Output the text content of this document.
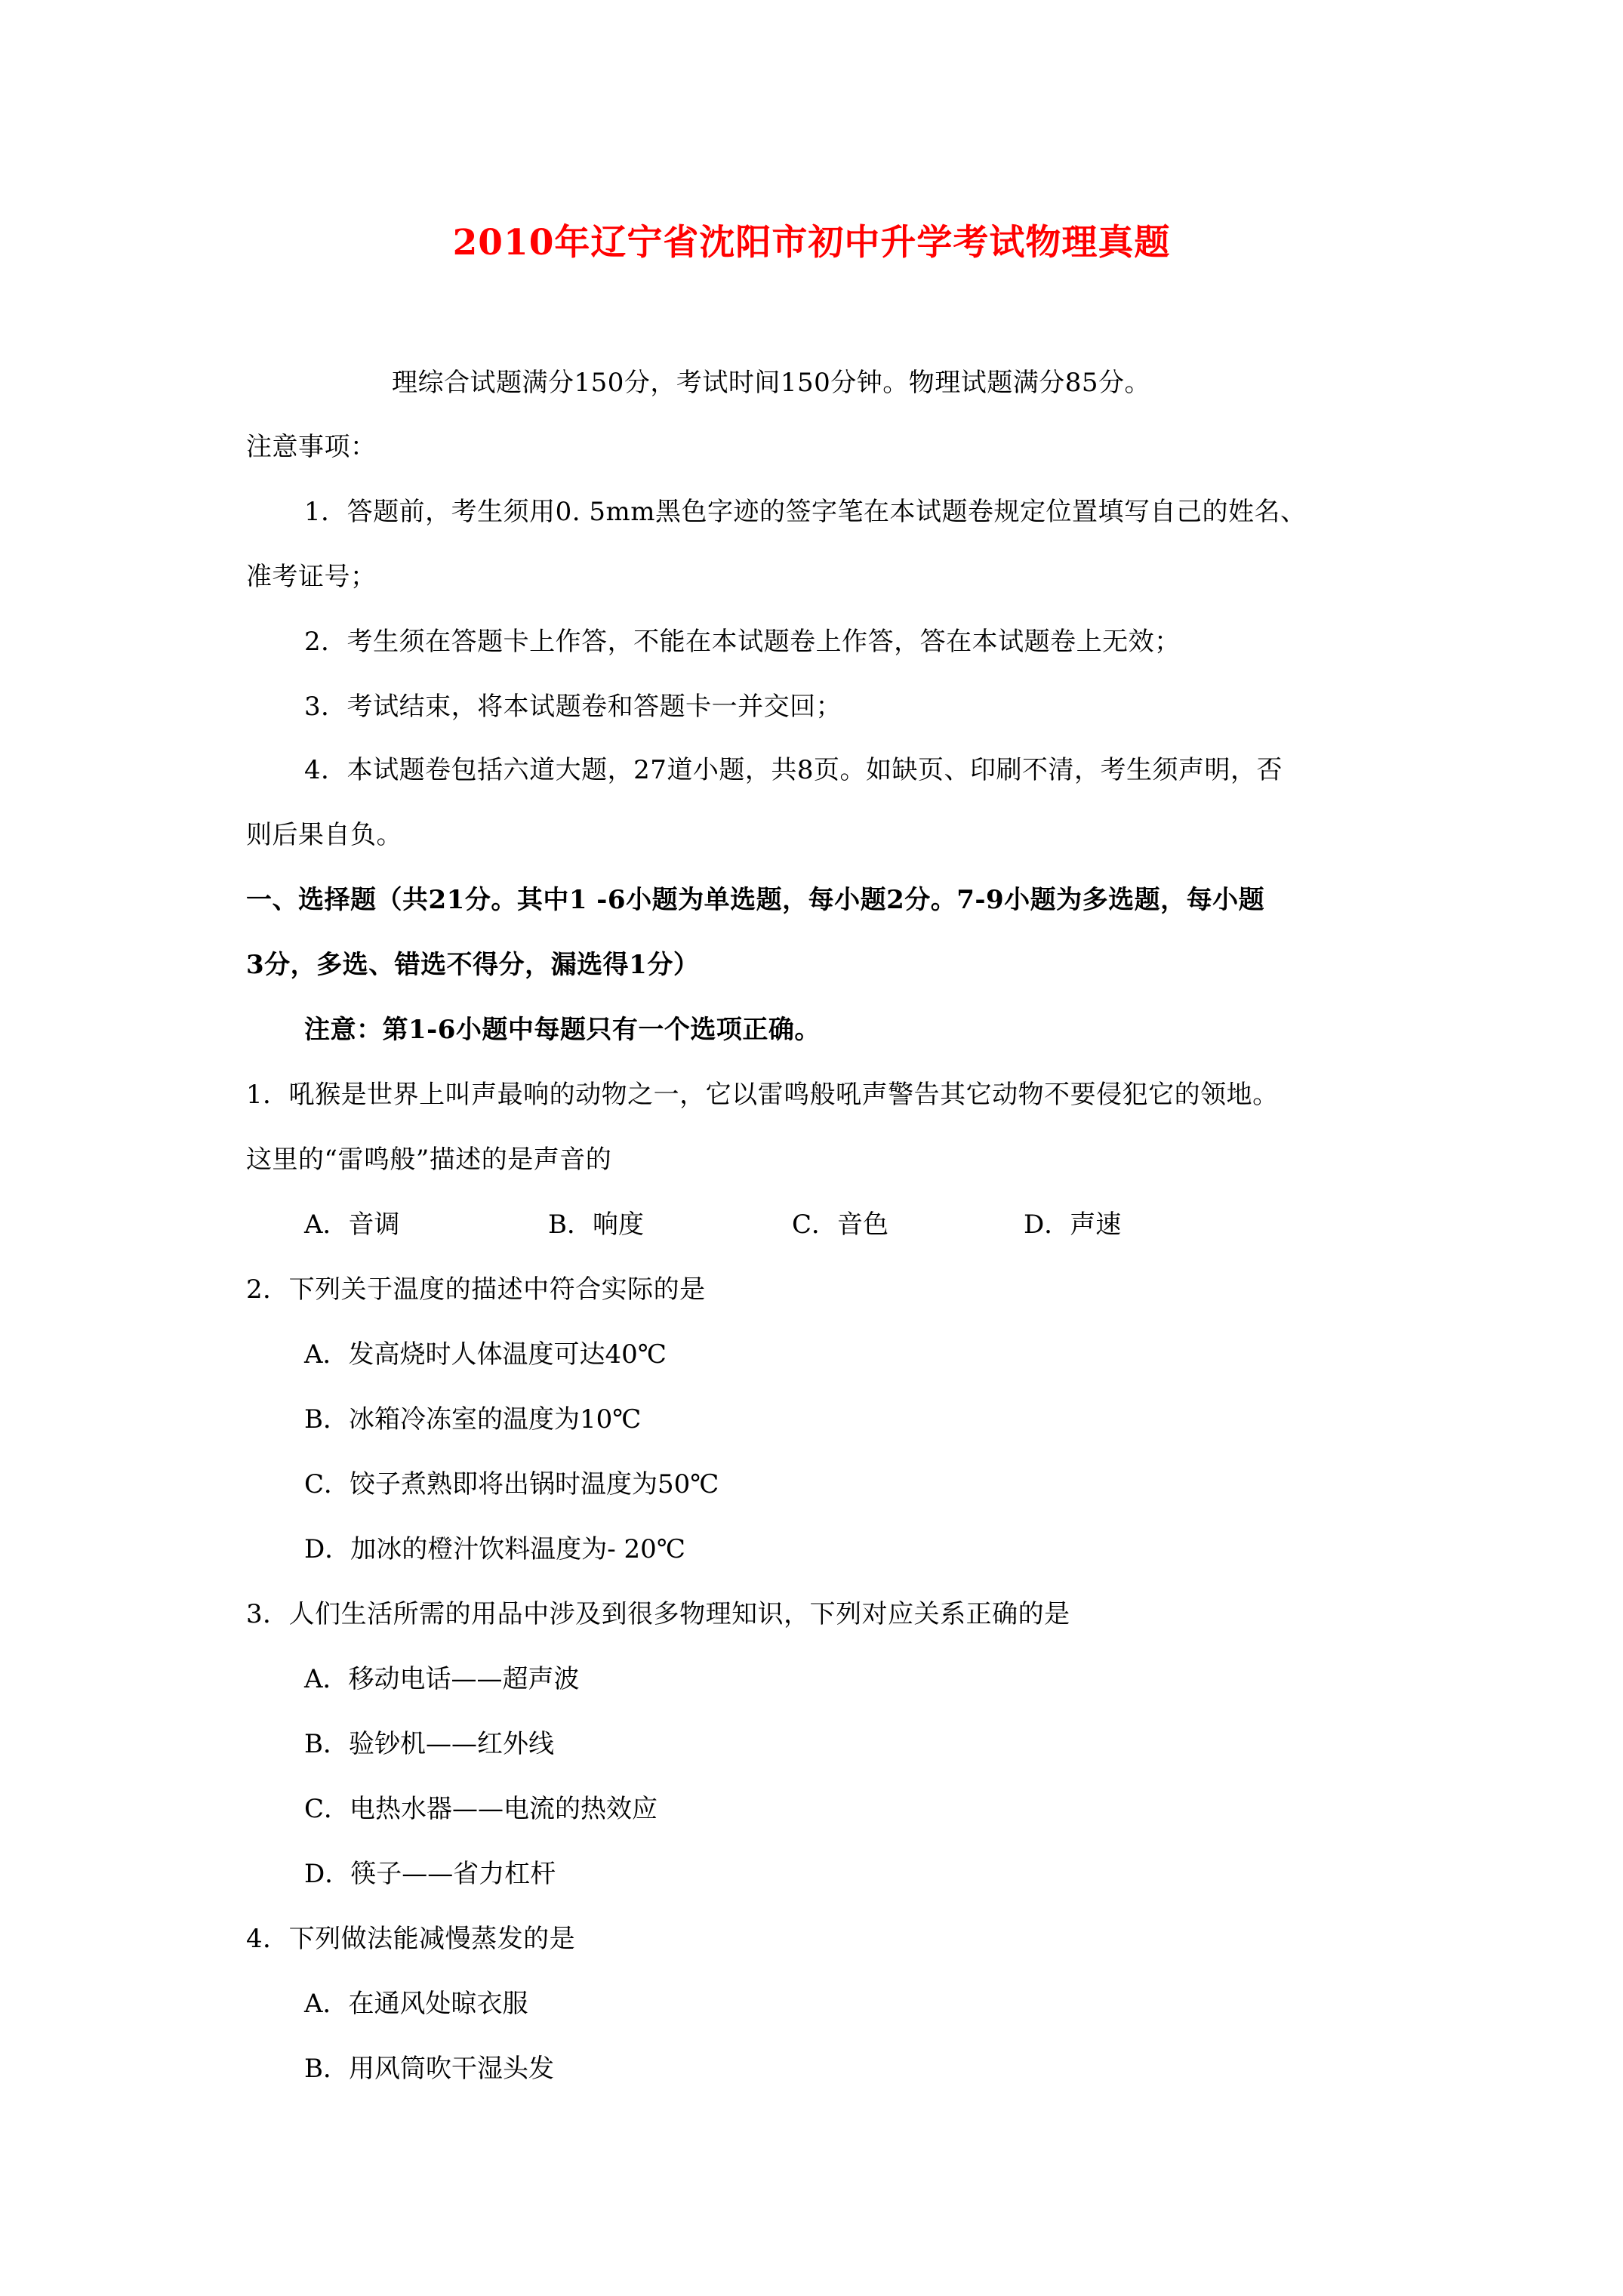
2010年辽宁省沈阳市初中升学考试物理真题
理综合试题满分150分，考试时间150分钟。物理试题满分85分。
注意事项：
1．答题前，考生须用0. 5mm黑色字迹的签字笔在本试题卷规定位置填写自己的姓名、
准考证号；
2．考生须在答题卡上作答，不能在本试题卷上作答，答在本试题卷上无效；
3．考试结束，将本试题卷和答题卡一并交回；
4．本试题卷包括六道大题，27道小题，共8页。如缺页、印刷不清，考生须声明，否
则后果自负。
一、选择题（共21分。其中1 -6小题为单选题，每小题2分。7-9小题为多选题，每小题
3分，多选、错选不得分，漏选得1分）
注意：第1-6小题中每题只有一个选项正确。
1．吼猴是世界上叫声最响的动物之一，它以雷鸣般吼声警告其它动物不要侵犯它的领地。
这里的“雷鸣般”描述的是声音的
A．音调	B．响度	C．音色	D．声速
2．下列关于温度的描述中符合实际的是
A．发高烧时人体温度可达40℃
B．冰箱冷冻室的温度为10℃
C．饺子煮熟即将出锅时温度为50℃
D．加冰的橙汁饮料温度为- 20℃
3．人们生活所需的用品中涉及到很多物理知识，下列对应关系正确的是
A．移动电话——超声波
B．验钞机——红外线
C．电热水器——电流的热效应
D．筷子——省力杠杆
4．下列做法能减慢蒸发的是
A．在通风处晾衣服
B．用风筒吹干湿头发
